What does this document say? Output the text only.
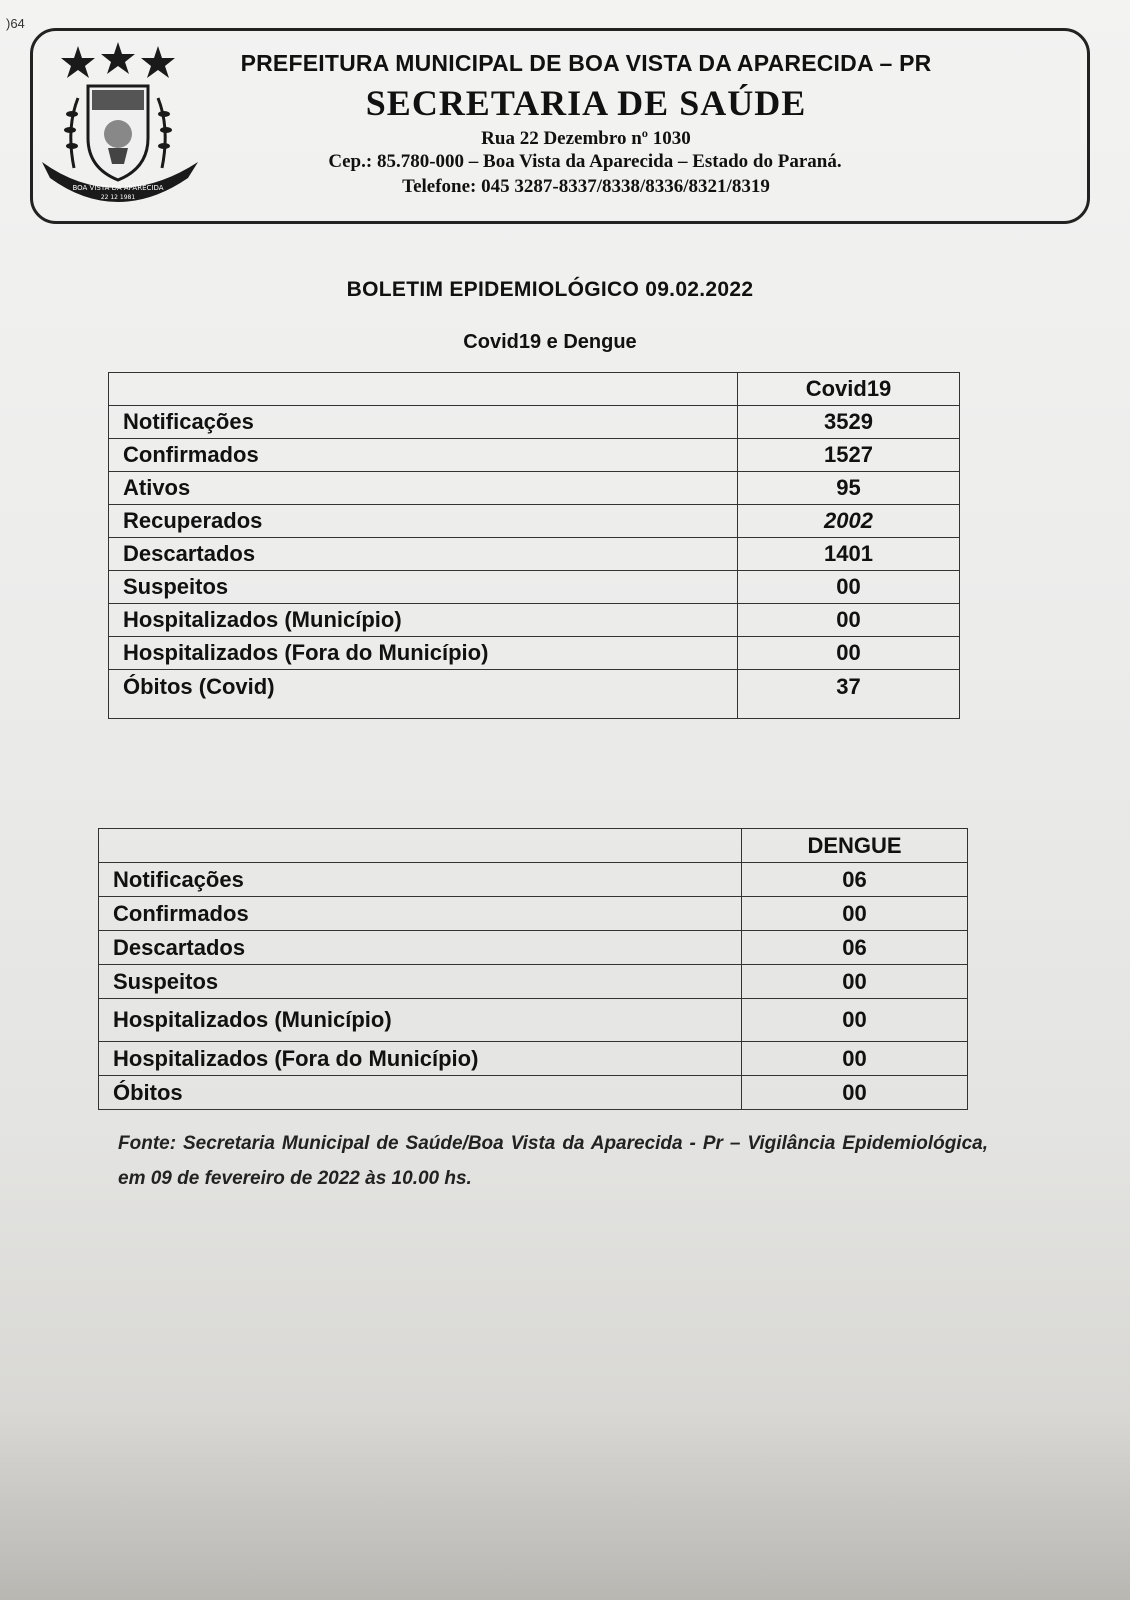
)64
BOA VISTA DA APARECIDA
22 12 1981
PREFEITURA MUNICIPAL DE BOA VISTA DA APARECIDA – PR
SECRETARIA DE SAÚDE
Rua 22 Dezembro nº 1030
Cep.: 85.780-000 – Boa Vista da Aparecida – Estado do Paraná.
Telefone: 045 3287-8337/8338/8336/8321/8319
BOLETIM EPIDEMIOLÓGICO 09.02.2022
Covid19 e Dengue
	Covid19
Notificações	3529
Confirmados	1527
Ativos	95
Recuperados	2002
Descartados	1401
Suspeitos	00
Hospitalizados (Município)	00
Hospitalizados (Fora do Município)	00
Óbitos (Covid)	37
	DENGUE
Notificações	06
Confirmados	00
Descartados	06
Suspeitos	00
Hospitalizados (Município)	00
Hospitalizados (Fora do Município)	00
Óbitos	00
Fonte: Secretaria Municipal de Saúde/Boa Vista da Aparecida - Pr – Vigilância Epidemiológica, em 09 de fevereiro de 2022 às 10.00 hs.
